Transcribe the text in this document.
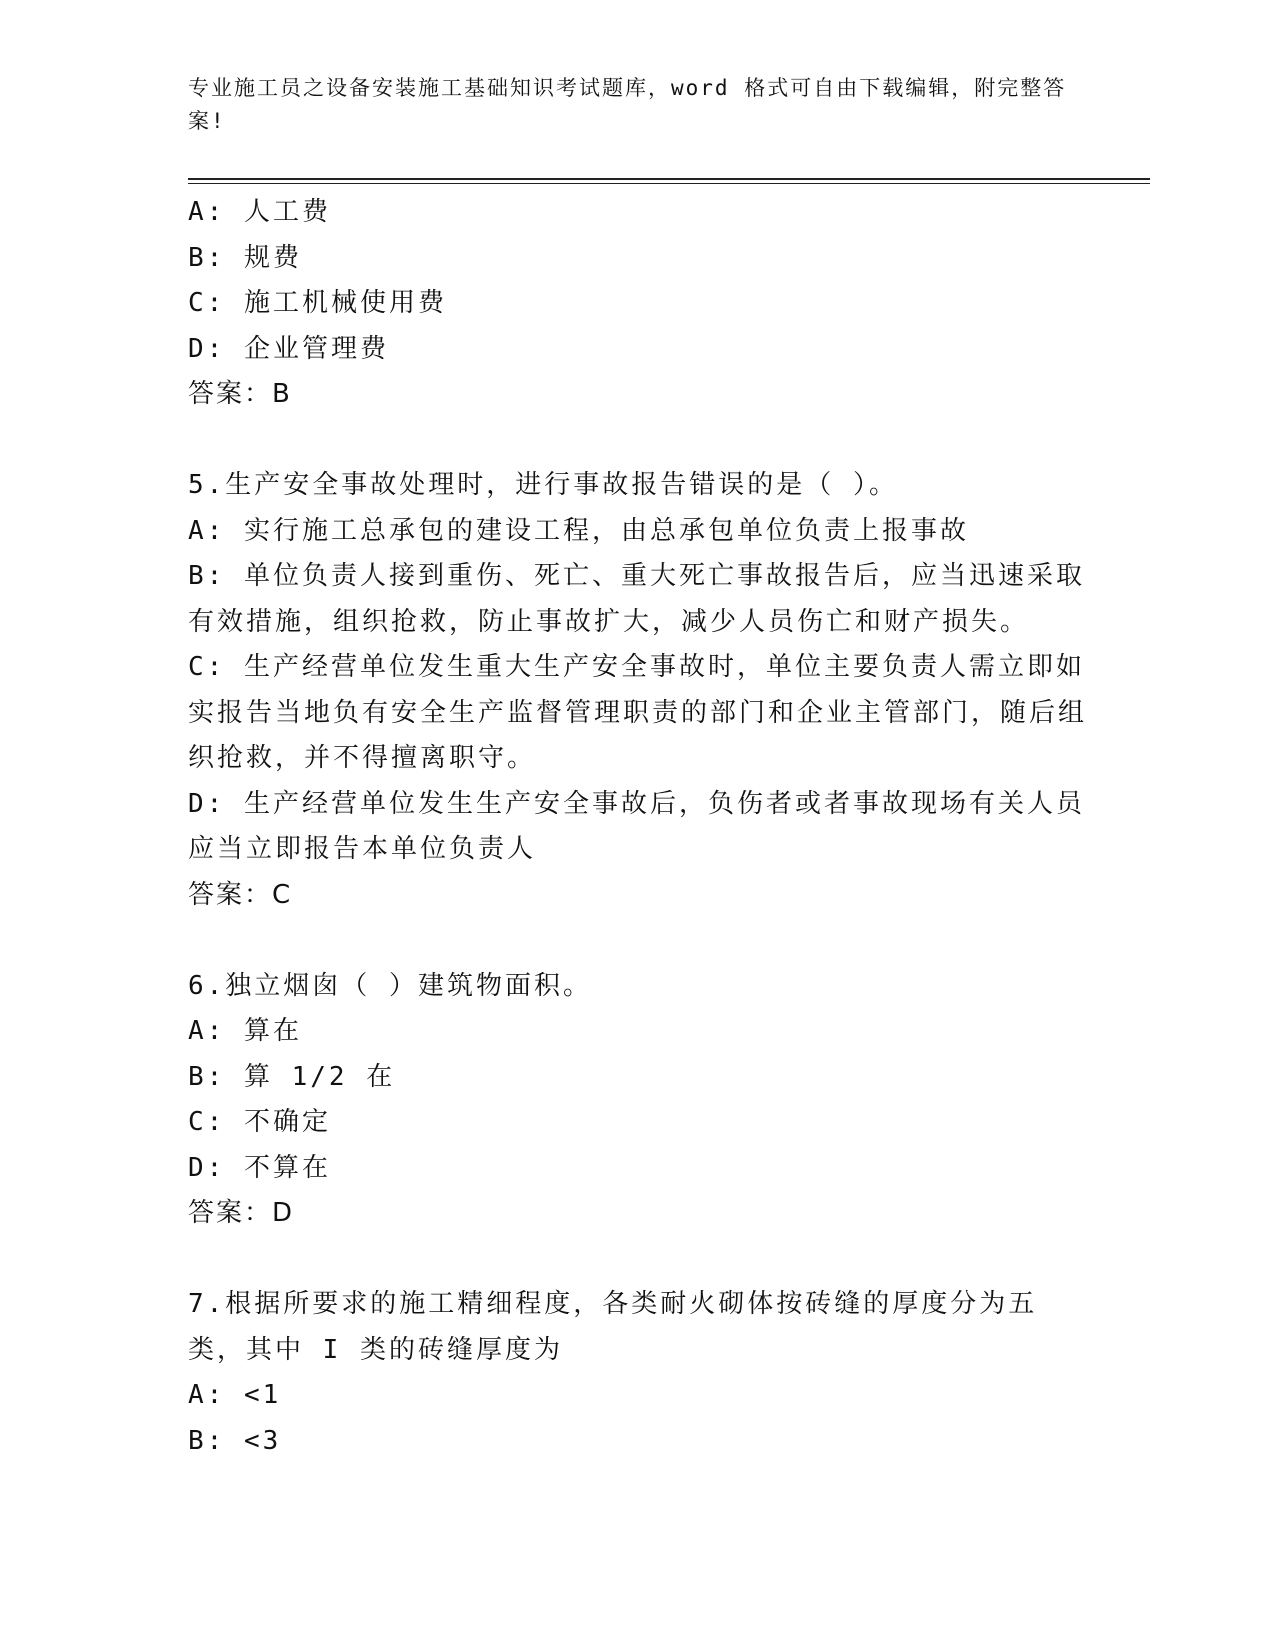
专业施工员之设备安装施工基础知识考试题库，word 格式可自由下载编辑，附完整答案!

A: 人工费

B: 规费

C: 施工机械使用费

D: 企业管理费

答案：B

5.生产安全事故处理时，进行事故报告错误的是（ ）。

A: 实行施工总承包的建设工程，由总承包单位负责上报事故

B: 单位负责人接到重伤、死亡、重大死亡事故报告后，应当迅速采取有效措施，组织抢救，防止事故扩大，减少人员伤亡和财产损失。

C: 生产经营单位发生重大生产安全事故时，单位主要负责人需立即如实报告当地负有安全生产监督管理职责的部门和企业主管部门，随后组织抢救，并不得擅离职守。

D: 生产经营单位发生生产安全事故后，负伤者或者事故现场有关人员应当立即报告本单位负责人

答案：C

6.独立烟囱（ ）建筑物面积。

A: 算在

B: 算 1/2 在

C: 不确定

D: 不算在

答案：D

7.根据所要求的施工精细程度，各类耐火砌体按砖缝的厚度分为五类，其中 I 类的砖缝厚度为

A: <1

B: <3
